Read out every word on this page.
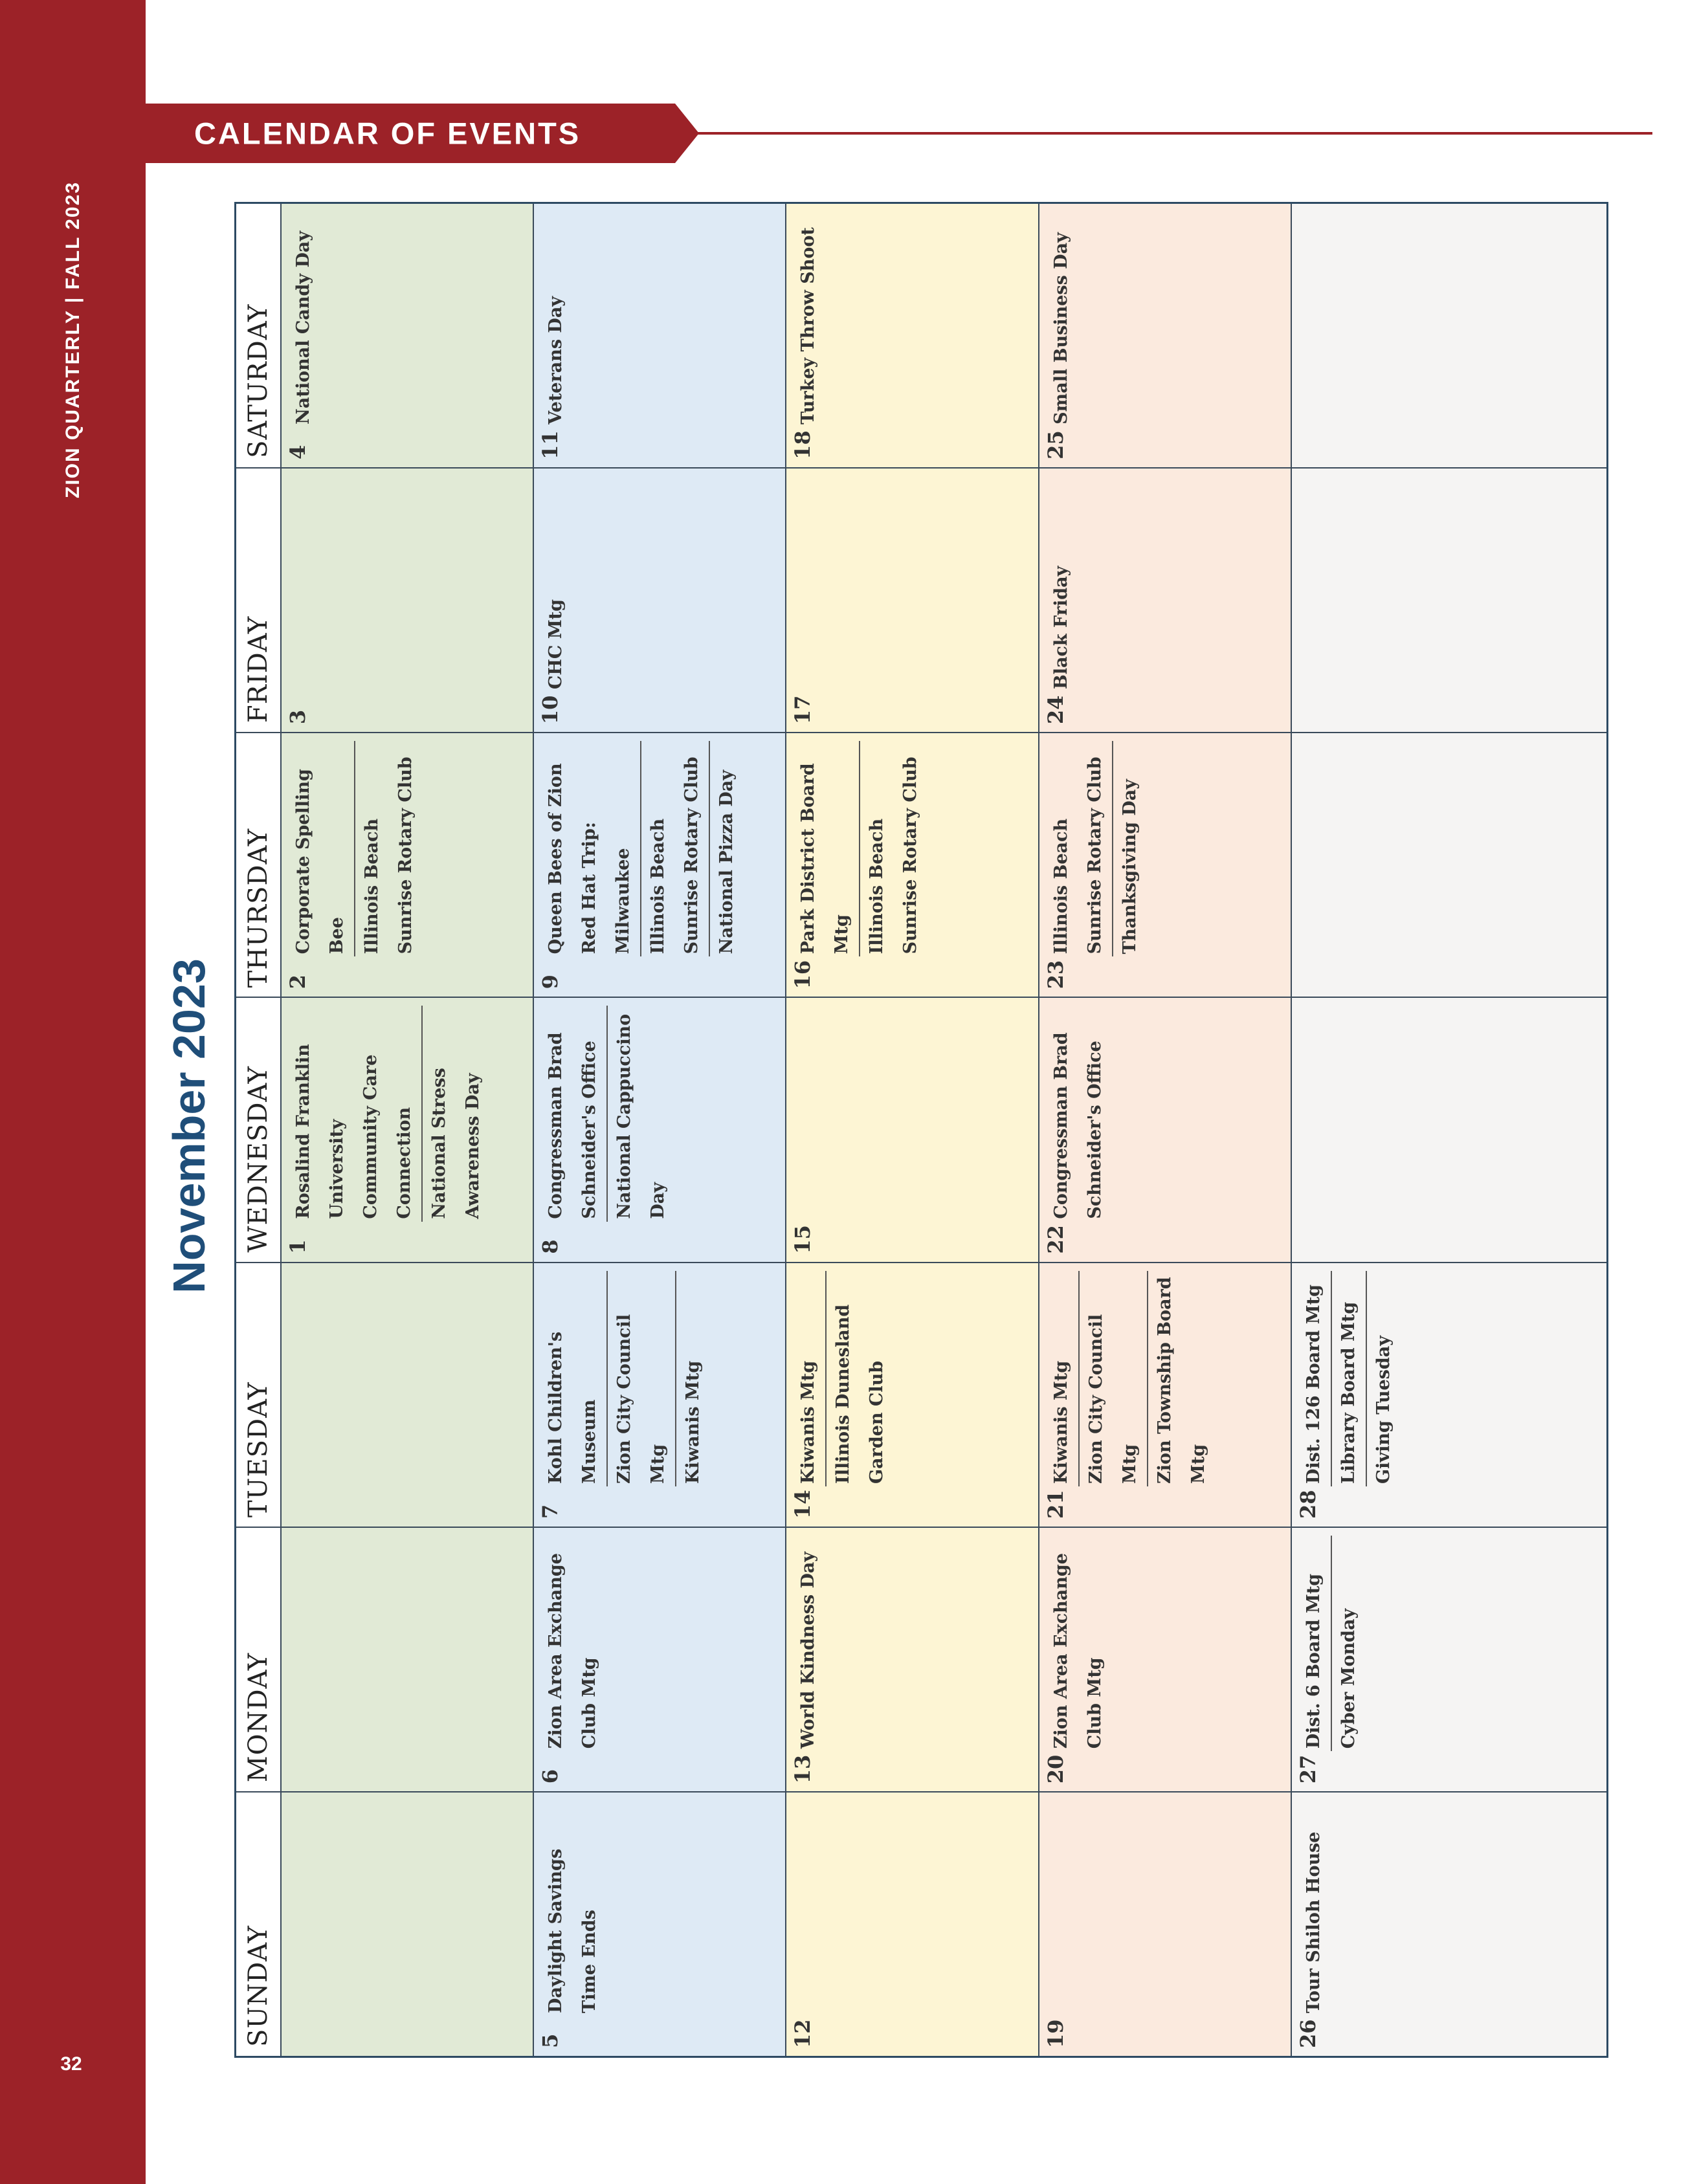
ZION QUARTERLY | FALL 2023
32
CALENDAR OF EVENTS
November 2023
SUNDAY	MONDAY	TUESDAY	WEDNESDAY	THURSDAY	FRIDAY	SATURDAY

			1
Rosalind Franklin University Community Care Connection National Stress Awareness Day	2
Corporate Spelling Bee Illinois Beach Sunrise Rotary Club	3	4
National Candy Day

5
Daylight Savings Time Ends	6
Zion Area Exchange Club Mtg	7
Kohl Children's Museum Zion City Council Mtg Kiwanis Mtg	8
Congressman Brad Schneider's Office National Cappuccino Day	9
Queen Bees of Zion Red Hat Trip: Milwaukee Illinois Beach Sunrise Rotary Club National Pizza Day	10
CHC Mtg	11
Veterans Day

12	13
World Kindness Day	14
Kiwanis Mtg Illinois Dunesland Garden Club	15	16
Park District Board Mtg Illinois Beach Sunrise Rotary Club	17	18
Turkey Throw Shoot

19	20
Zion Area Exchange Club Mtg	21
Kiwanis Mtg Zion City Council Mtg Zion Township Board Mtg	22
Congressman Brad Schneider's Office	23
Illinois Beach Sunrise Rotary Club Thanksgiving Day	24
Black Friday	25
Small Business Day

26
Tour Shiloh House	27
Dist. 6 Board Mtg Cyber Monday	28
Dist. 126 Board Mtg Library Board Mtg Giving Tuesday				
